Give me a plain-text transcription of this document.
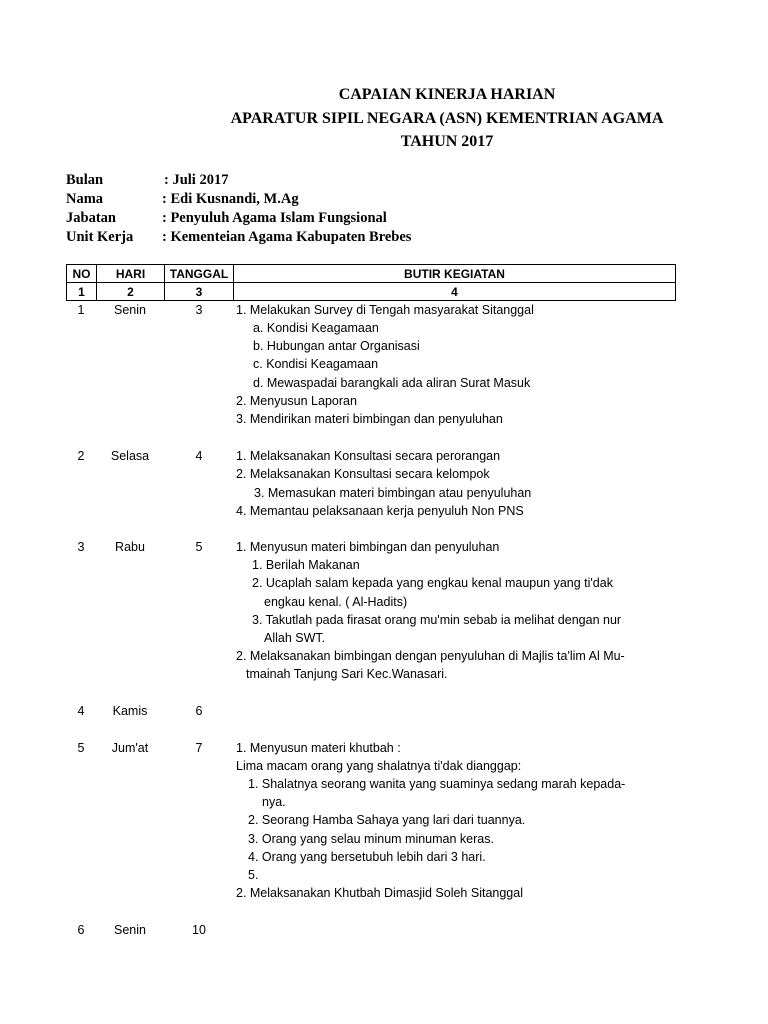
CAPAIAN KINERJA HARIAN
APARATUR SIPIL NEGARA (ASN) KEMENTRIAN AGAMA
TAHUN 2017
Bulan	: Juli 2017
Nama	: Edi Kusnandi, M.Ag
Jabatan	: Penyuluh Agama Islam Fungsional
Unit Kerja : Kementeian Agama Kabupaten Brebes
NO	HARI	TANGGAL	BUTIR KEGIATAN
1	2	3	4
1	Senin	3	1. Melakukan Survey di Tengah masyarakat Sitanggal
a. Kondisi Keagamaan
b. Hubungan antar Organisasi
c. Kondisi Keagamaan
d. Mewaspadai barangkali ada aliran Surat Masuk
2. Menyusun Laporan
3. Mendirikan materi bimbingan dan penyuluhan
2	Selasa	4	1. Melaksanakan Konsultasi secara perorangan
2. Melaksanakan Konsultasi secara kelompok
3. Memasukan materi bimbingan atau penyuluhan
4. Memantau pelaksanaan kerja penyuluh Non PNS
3	Rabu	5	1. Menyusun materi bimbingan dan penyuluhan
1. Berilah Makanan
2. Ucaplah salam kepada yang engkau kenal maupun yang ti'dak
engkau kenal. ( Al-Hadits)
3. Takutlah pada firasat orang mu'min sebab ia melihat dengan nur
Allah SWT.
2. Melaksanakan bimbingan dengan penyuluhan di Majlis ta'lim Al Mu-
tmainah Tanjung Sari Kec.Wanasari.
4	Kamis	6
5	Jum'at	7	1. Menyusun materi khutbah :
Lima macam orang yang shalatnya ti'dak dianggap:
1. Shalatnya seorang wanita yang suaminya sedang marah kepada-
nya.
2. Seorang Hamba Sahaya yang lari dari tuannya.
3. Orang yang selau minum minuman keras.
4. Orang yang bersetubuh lebih dari 3 hari.
5.
2. Melaksanakan Khutbah Dimasjid Soleh Sitanggal
6	Senin	10
